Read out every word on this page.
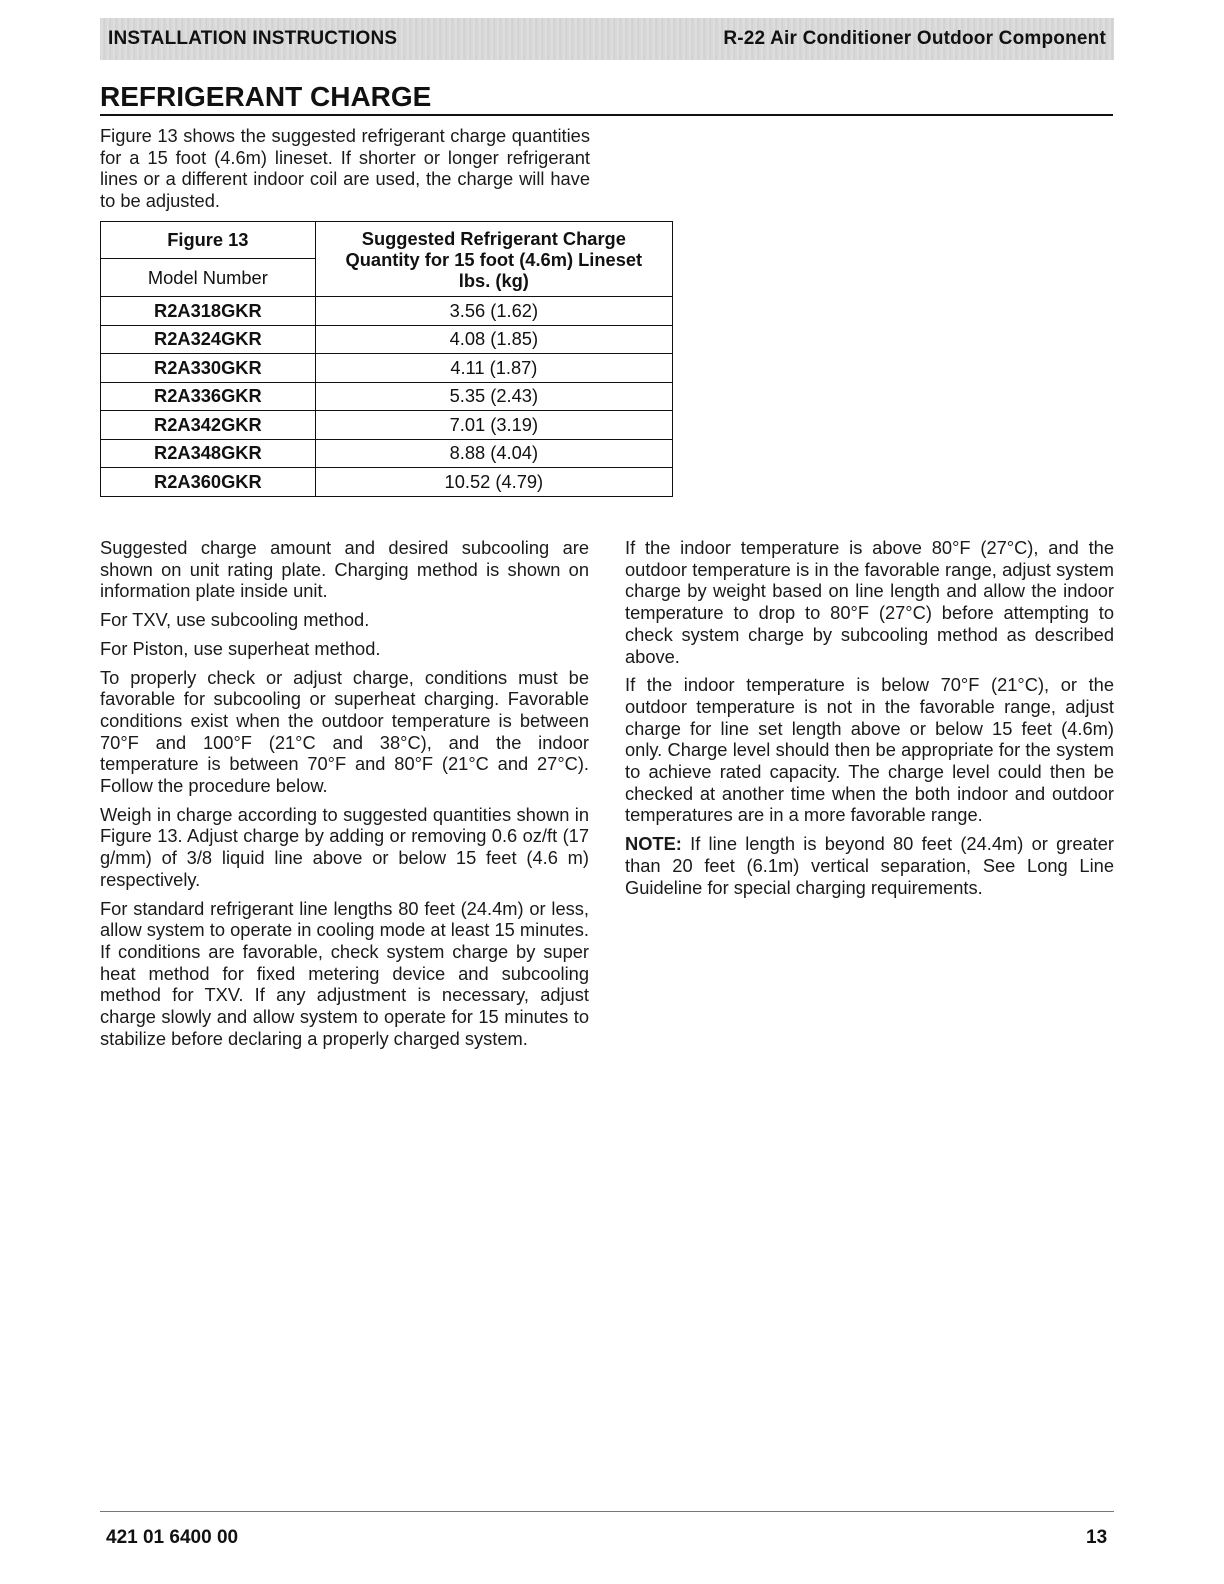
INSTALLATION INSTRUCTIONS	R-22 Air Conditioner Outdoor Component
REFRIGERANT CHARGE

Figure 13 shows the suggested refrigerant charge quantities for a 15 foot (4.6m) lineset. If shorter or longer refrigerant lines or a different indoor coil are used, the charge will have to be adjusted.

Figure 13	Suggested Refrigerant Charge
Quantity for 15 foot (4.6m) Lineset
lbs. (kg)

Model Number	
R2A318GKR	3.56 (1.62)
R2A324GKR	4.08 (1.85)
R2A330GKR	4.11 (1.87)
R2A336GKR	5.35 (2.43)
R2A342GKR	7.01 (3.19)
R2A348GKR	8.88 (4.04)
R2A360GKR	10.52 (4.79)

Suggested charge amount and desired subcooling are shown on unit rating plate. Charging method is shown on information plate inside unit.

For TXV, use subcooling method.

For Piston, use superheat method.

To properly check or adjust charge, conditions must be favorable for subcooling or superheat charging. Favorable conditions exist when the outdoor temperature is between 70°F and 100°F (21°C and 38°C), and the indoor temperature is between 70°F and 80°F (21°C and 27°C). Follow the procedure below.

Weigh in charge according to suggested quantities shown in Figure 13. Adjust charge by adding or removing 0.6 oz/ft (17 g/mm) of 3/8 liquid line above or below 15 feet (4.6 m) respectively.

For standard refrigerant line lengths 80 feet (24.4m) or less, allow system to operate in cooling mode at least 15 minutes. If conditions are favorable, check system charge by super heat method for fixed metering device and subcooling method for TXV. If any adjustment is necessary, adjust charge slowly and allow system to operate for 15 minutes to stabilize before declaring a properly charged system.

If the indoor temperature is above 80°F (27°C), and the outdoor temperature is in the favorable range, adjust system charge by weight based on line length and allow the indoor temperature to drop to 80°F (27°C) before attempting to check system charge by subcooling method as described above.

If the indoor temperature is below 70°F (21°C), or the outdoor temperature is not in the favorable range, adjust charge for line set length above or below 15 feet (4.6m) only. Charge level should then be appropriate for the system to achieve rated capacity. The charge level could then be checked at another time when the both indoor and outdoor temperatures are in a more favorable range.

NOTE: If line length is beyond 80 feet (24.4m) or greater than 20 feet (6.1m) vertical separation, See Long Line Guideline for special charging requirements.

421 01 6400 00	13
